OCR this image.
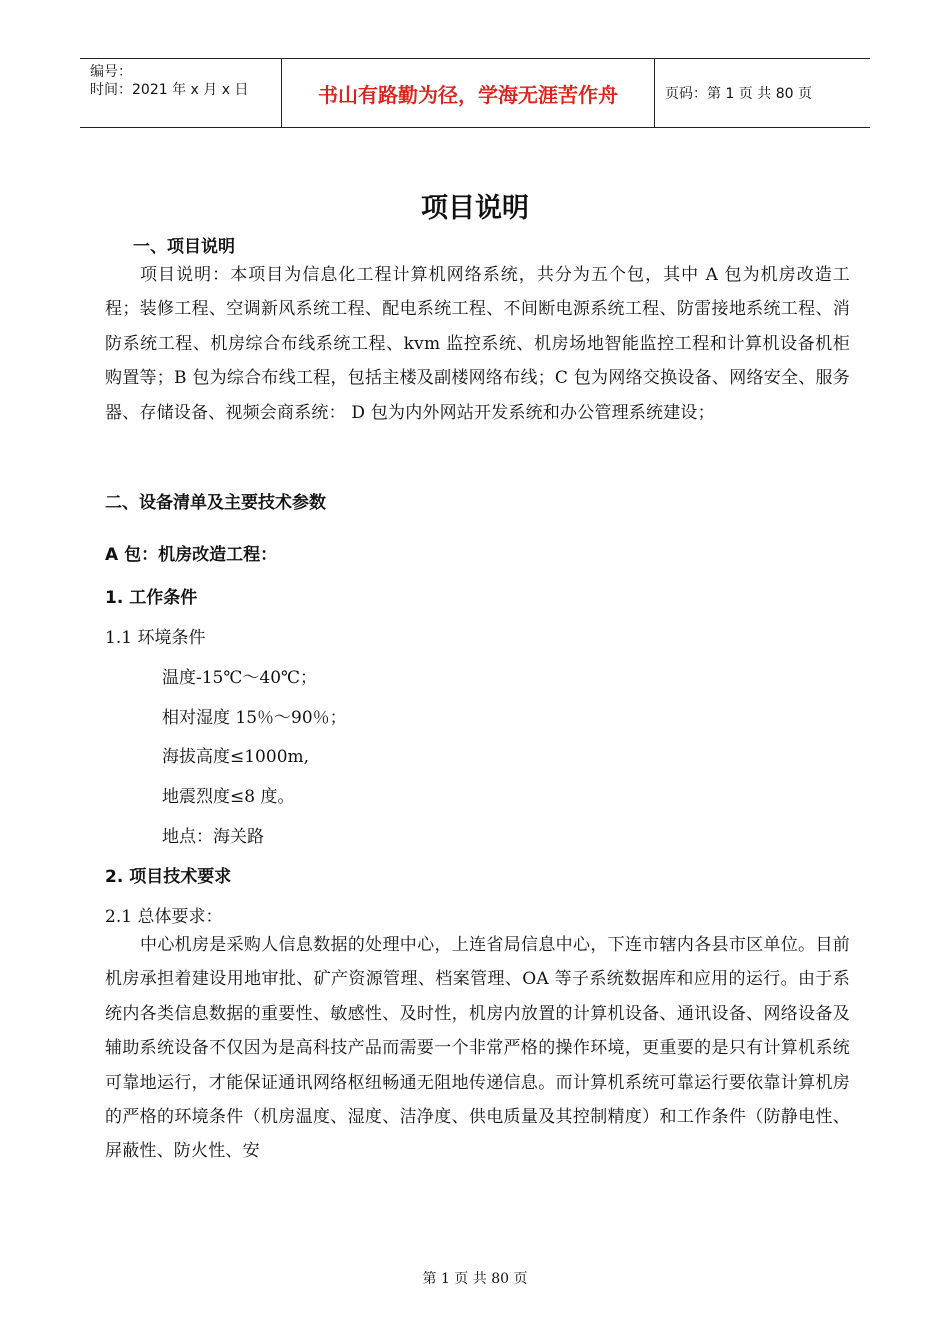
编号：
时间：2021 年 x 月 x 日	书山有路勤为径，学海无涯苦作舟	页码：第 1 页 共 80 页
项目说明
一、项目说明
项目说明：本项目为信息化工程计算机网络系统，共分为五个包，其中 A 包为机房改造工程；装修工程、空调新风系统工程、配电系统工程、不间断电源系统工程、防雷接地系统工程、消防系统工程、机房综合布线系统工程、kvm 监控系统、机房场地智能监控工程和计算机设备机柜购置等；B 包为综合布线工程，包括主楼及副楼网络布线；C 包为网络交换设备、网络安全、服务器、存储设备、视频会商系统： D 包为内外网站开发系统和办公管理系统建设；
二、设备清单及主要技术参数
A 包：机房改造工程：
1. 工作条件
1.1 环境条件
温度-15℃～40℃；
相对湿度 15％～90％；
海拔高度≤1000m,
地震烈度≤8 度。
地点：海关路
2. 项目技术要求
2.1 总体要求：
中心机房是采购人信息数据的处理中心，上连省局信息中心，下连市辖内各县市区单位。目前机房承担着建设用地审批、矿产资源管理、档案管理、OA 等子系统数据库和应用的运行。由于系统内各类信息数据的重要性、敏感性、及时性，机房内放置的计算机设备、通讯设备、网络设备及辅助系统设备不仅因为是高科技产品而需要一个非常严格的操作环境，更重要的是只有计算机系统可靠地运行，才能保证通讯网络枢纽畅通无阻地传递信息。而计算机系统可靠运行要依靠计算机房的严格的环境条件（机房温度、湿度、洁净度、供电质量及其控制精度）和工作条件（防静电性、屏蔽性、防火性、安
第 1 页 共 80 页
